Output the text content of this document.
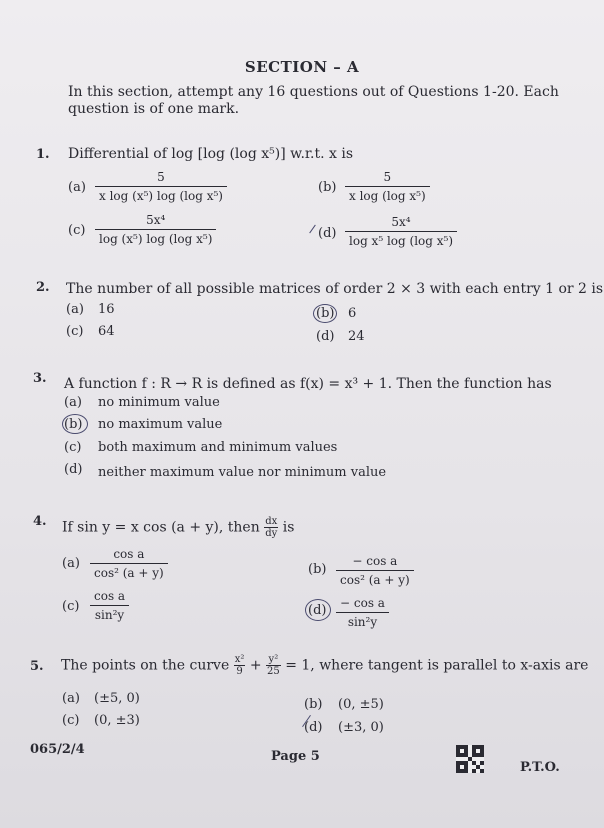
SECTION – A
In this section, attempt any 16 questions out of Questions 1-20. Each question is of one mark.
1. Differential of log [log (log x⁵)] w.r.t. x is
$(a) \frac{5}{\text{x log (x⁵) log (log x⁵)}}$	$(b) \frac{5}{\text{x log (log x⁵)}}$
$(c) \frac{\text{5x⁴}}{\text{log (x⁵) log (log x⁵)}}$	$(d) \frac{\text{5x⁴}}{\text{log x⁵ log (log x⁵)}}$
2. The number of all possible matrices of order 2 × 3 with each entry 1 or 2 is
(a) 16	(b) 6
(c) 64	(d) 24
3. A function f : R → R is defined as f(x) = x³ + 1. Then the function has
(a) no minimum value
(b) no maximum value
(c) both maximum and minimum values
(d) neither maximum value nor minimum value
4. If sin y = x cos (a + y), then $\frac{dx}{dy}$ is
$(a) \frac{\text{cos a}}{\text{cos² (a + y)}}$	$(b) \frac{\text{− cos a}}{\text{cos² (a + y)}}$
$(c) \frac{\text{cos a}}{\text{sin²y}}$	$(d) \frac{\text{− cos a}}{\text{sin²y}}$
5. The points on the curve $\frac{\text{x²}}{9} + \frac{\text{y²}}{25} = 1$, where tangent is parallel to x-axis are
(a) (±5, 0)	(b) (0, ±5)
(c) (0, ±3)	(d) (±3, 0)
065/2/4	Page 5
P.T.O.
